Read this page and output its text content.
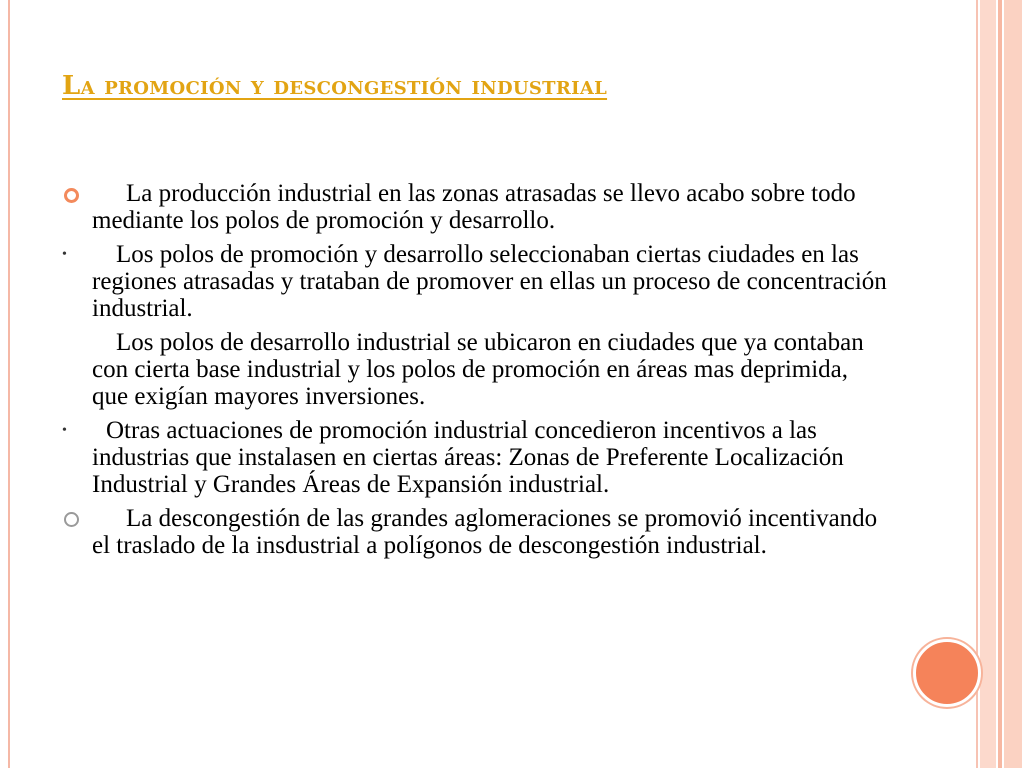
La promoción y descongestión industrial
La producción industrial en las zonas atrasadas se llevo acabo sobre todo mediante los polos de promoción y desarrollo.
•	Los polos de promoción y desarrollo seleccionaban ciertas ciudades en las regiones atrasadas y trataban de promover en ellas un proceso de concentración industrial.
Los polos de desarrollo industrial se ubicaron en ciudades que ya contaban con cierta base industrial y los polos de promoción en áreas mas deprimida, que exigían mayores inversiones.
•	Otras actuaciones de promoción industrial concedieron incentivos a las industrias que instalasen en ciertas áreas: Zonas de Preferente Localización Industrial y Grandes Áreas de Expansión industrial.
La descongestión de las grandes aglomeraciones se promovió incentivando el traslado de la insdustrial a polígonos de descongestión industrial.
